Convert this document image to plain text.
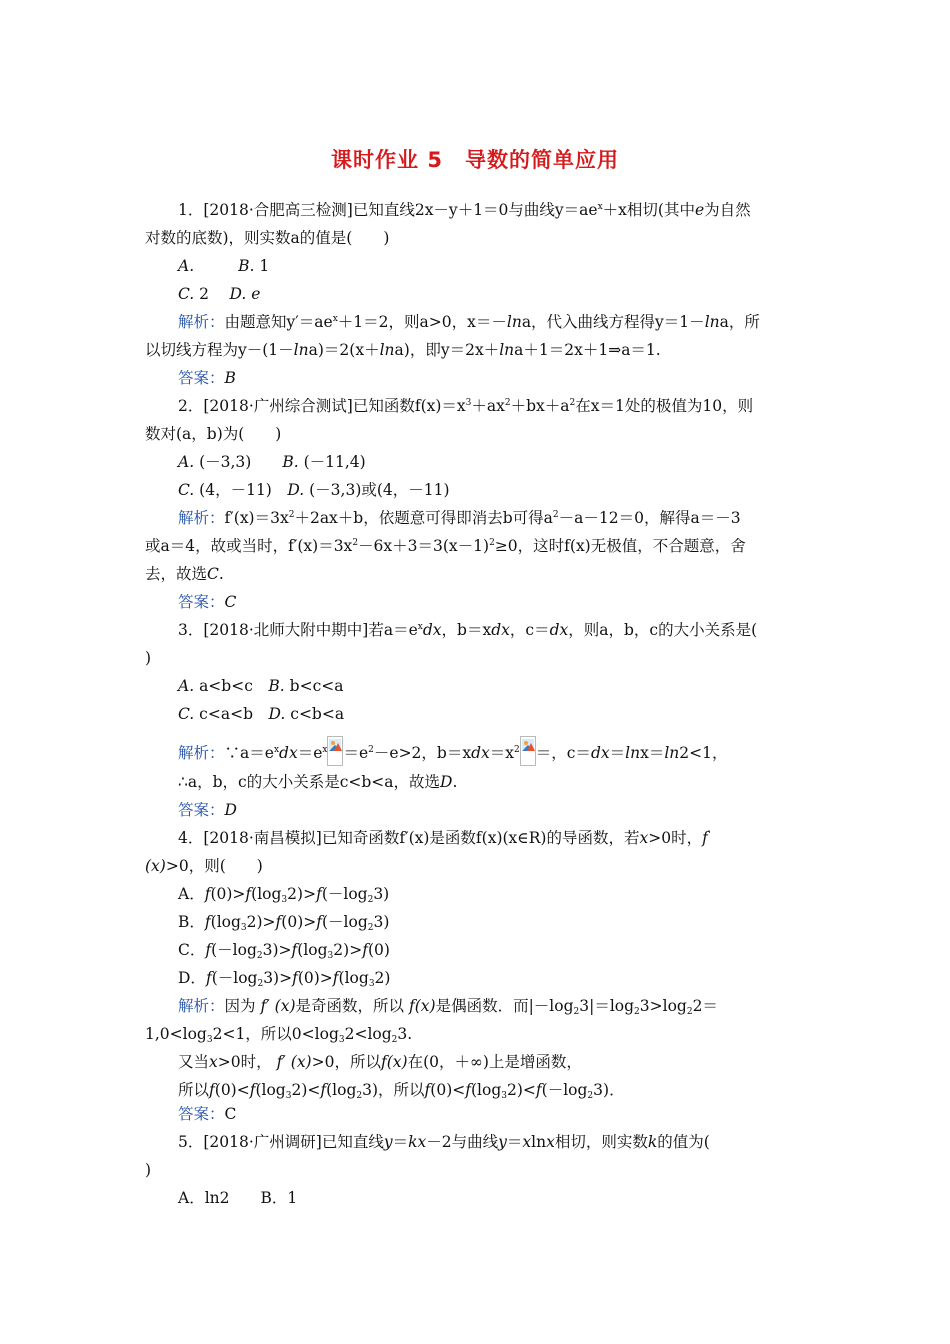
课时作业 5　导数的简单应用
1．[2018·合肥高三检测]已知直线2x－y＋1＝0与曲线$y=ae^x+x$相切(其中e为自然
对数的底数)，则实数a的值是(　　)
A.	B. 1
C. 2　 D. e
解析：由题意知$y'=ae^x+1=2$，则a>0，x＝－lna，代入曲线方程得y＝1－lna，所
以切线方程为y－(1－lna)＝2(x＋lna)，即y＝2x＋lna＋1＝2x＋1⇒a＝1.
答案：B
2．[2018·广州综合测试]已知函数$f(x)=x^3+ax^2+bx+a^2$在x＝1处的极值为10，则
数对(a，b)为(　　)
A. (－3,3)　　 B. (－11,4)
C. (4，－11)　 D. (－3,3)或(4，－11)
解析：$f'(x)=3x^2+2ax+b$，依题意可得即消去b可得$a^2-a-12=0$，解得a＝－3
或a＝4，故或当时，$f'(x)=3x^2-6x+3=3(x-1)^2\ge 0$，这时f(x)无极值，不合题意，舍
去，故选C.
答案：C
3．[2018·北师大附中期中]若$a=e^xdx$，b＝xdx，c＝dx，则a，b，c的大小关系是(
)
A. a<b<c　 B. b<c<a
C. c<a<b　 D. c<b<a
解析：$\because a=e^xdx=e^x =e^2-e>2$，$b=xdx=x^2$ ＝，c＝dx＝lnx＝ln2<1，
∴a，b，c的大小关系是c<b<a，故选D.
答案：D
4．[2018·南昌模拟]已知奇函数f′(x)是函数f(x)(x∈R)的导函数，若x>0时，f′
(x)>0，则(　　)
A．$f(0)>f(\log_32)>f(-\log_23)$
B．$f(\log_32)>f(0)>f(-\log_23)$
C．$f(-\log_23)>f(\log_32)>f(0)$
D．$f(-\log_23)>f(0)>f(\log_32)$
解析：因为 f′ (x)是奇函数，所以 f(x)是偶函数．而$|-\log_23|=\log_23>\log_22=$
$1,0<\log_32<1$，所以$0<\log_32<\log_23$.
又当x>0时， f′ (x)>0，所以f(x)在(0，＋∞)上是增函数，
所以$f(0)<f(\log_32)<f(\log_23)$，所以$f(0)<f(\log_32)<f(-\log_23)$．
答案：C
5．[2018·广州调研]已知直线y＝kx－2与曲线y＝xlnx相切，则实数k的值为(
)
A．ln2　　 B．1
